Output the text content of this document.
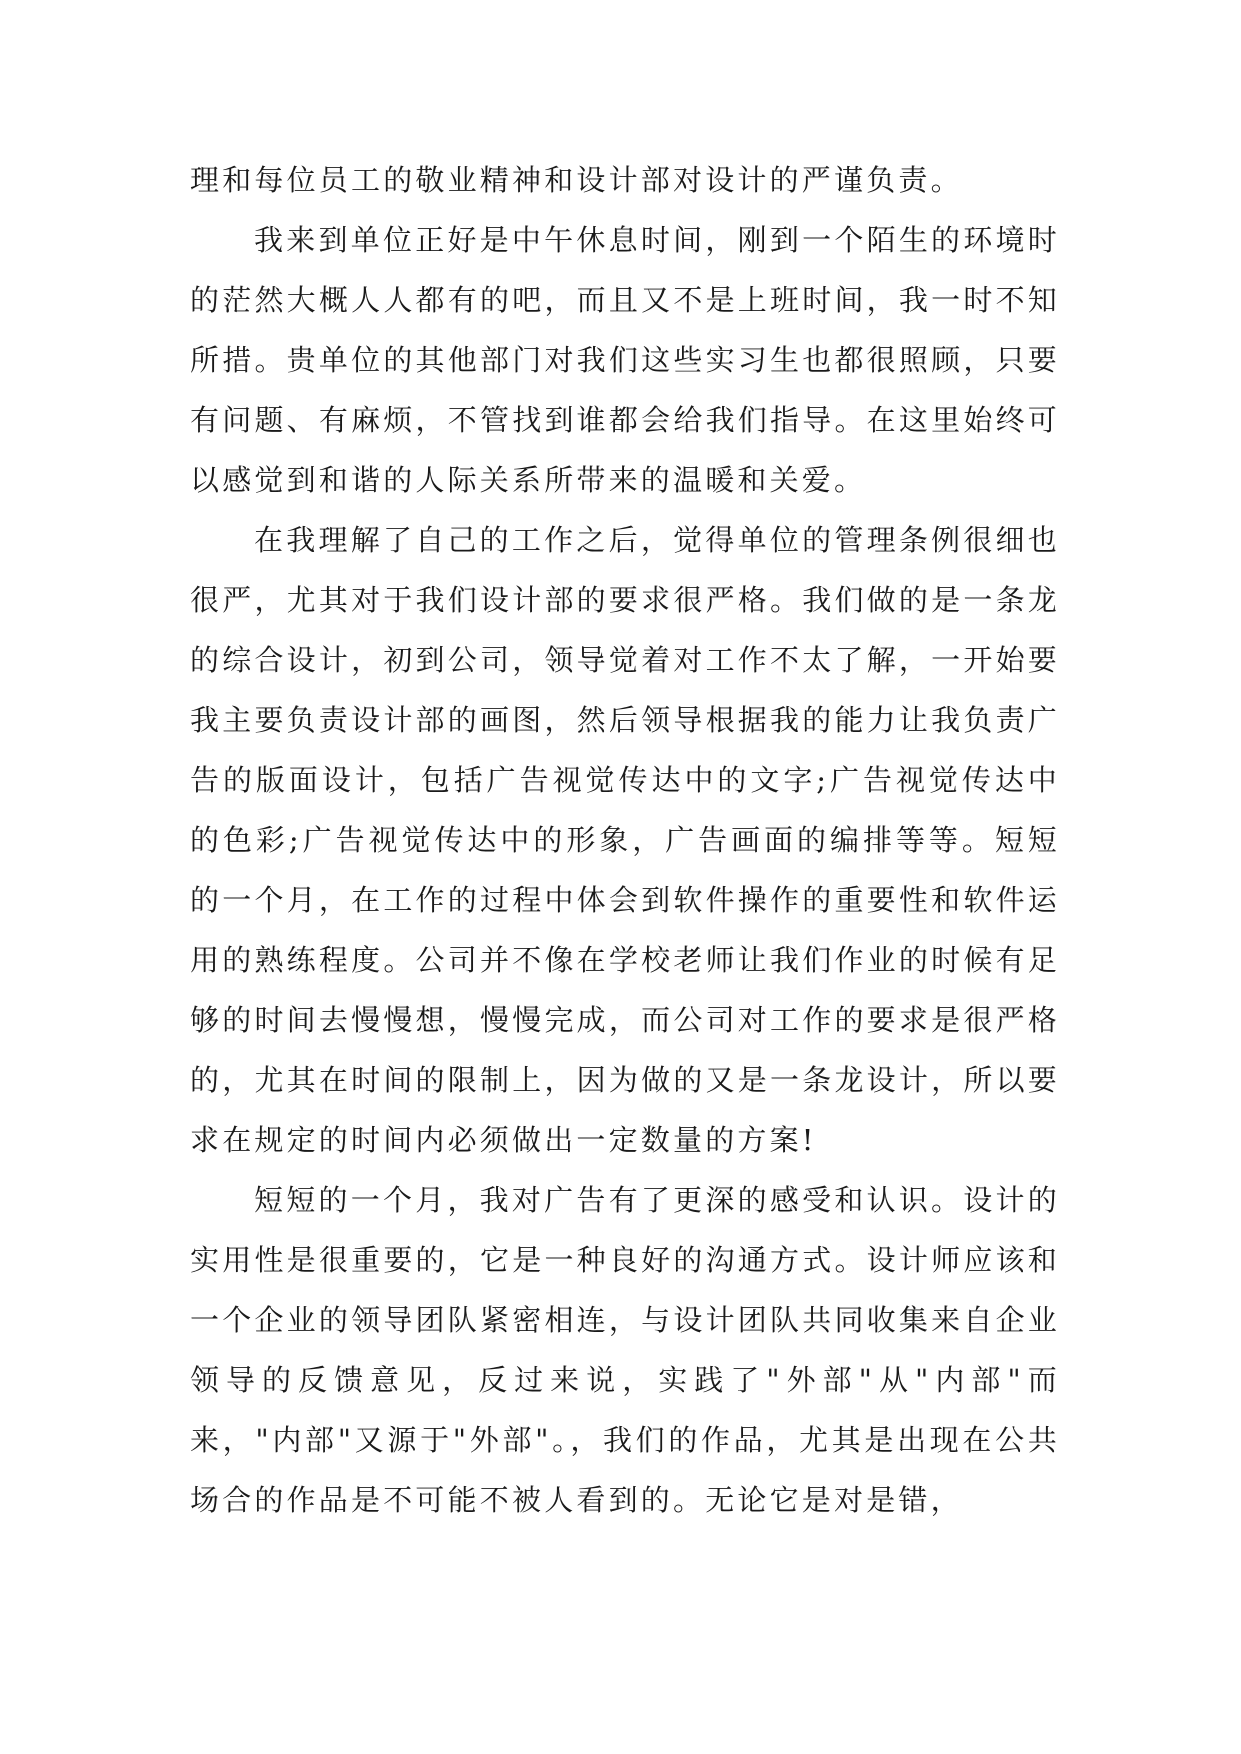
理和每位员工的敬业精神和设计部对设计的严谨负责。

我来到单位正好是中午休息时间，刚到一个陌生的环境时的茫然大概人人都有的吧，而且又不是上班时间，我一时不知所措。贵单位的其他部门对我们这些实习生也都很照顾，只要有问题、有麻烦，不管找到谁都会给我们指导。在这里始终可以感觉到和谐的人际关系所带来的温暖和关爱。

在我理解了自己的工作之后，觉得单位的管理条例很细也很严，尤其对于我们设计部的要求很严格。我们做的是一条龙的综合设计，初到公司，领导觉着对工作不太了解，一开始要我主要负责设计部的画图，然后领导根据我的能力让我负责广告的版面设计，包括广告视觉传达中的文字;广告视觉传达中的色彩;广告视觉传达中的形象，广告画面的编排等等。短短的一个月，在工作的过程中体会到软件操作的重要性和软件运用的熟练程度。公司并不像在学校老师让我们作业的时候有足够的时间去慢慢想，慢慢完成，而公司对工作的要求是很严格的，尤其在时间的限制上，因为做的又是一条龙设计，所以要求在规定的时间内必须做出一定数量的方案!

短短的一个月，我对广告有了更深的感受和认识。设计的实用性是很重要的，它是一种良好的沟通方式。设计师应该和一个企业的领导团队紧密相连，与设计团队共同收集来自企业领导的反馈意见，反过来说，实践了"外部"从"内部"而来，"内部"又源于"外部"。，我们的作品，尤其是出现在公共场合的作品是不可能不被人看到的。无论它是对是错，
